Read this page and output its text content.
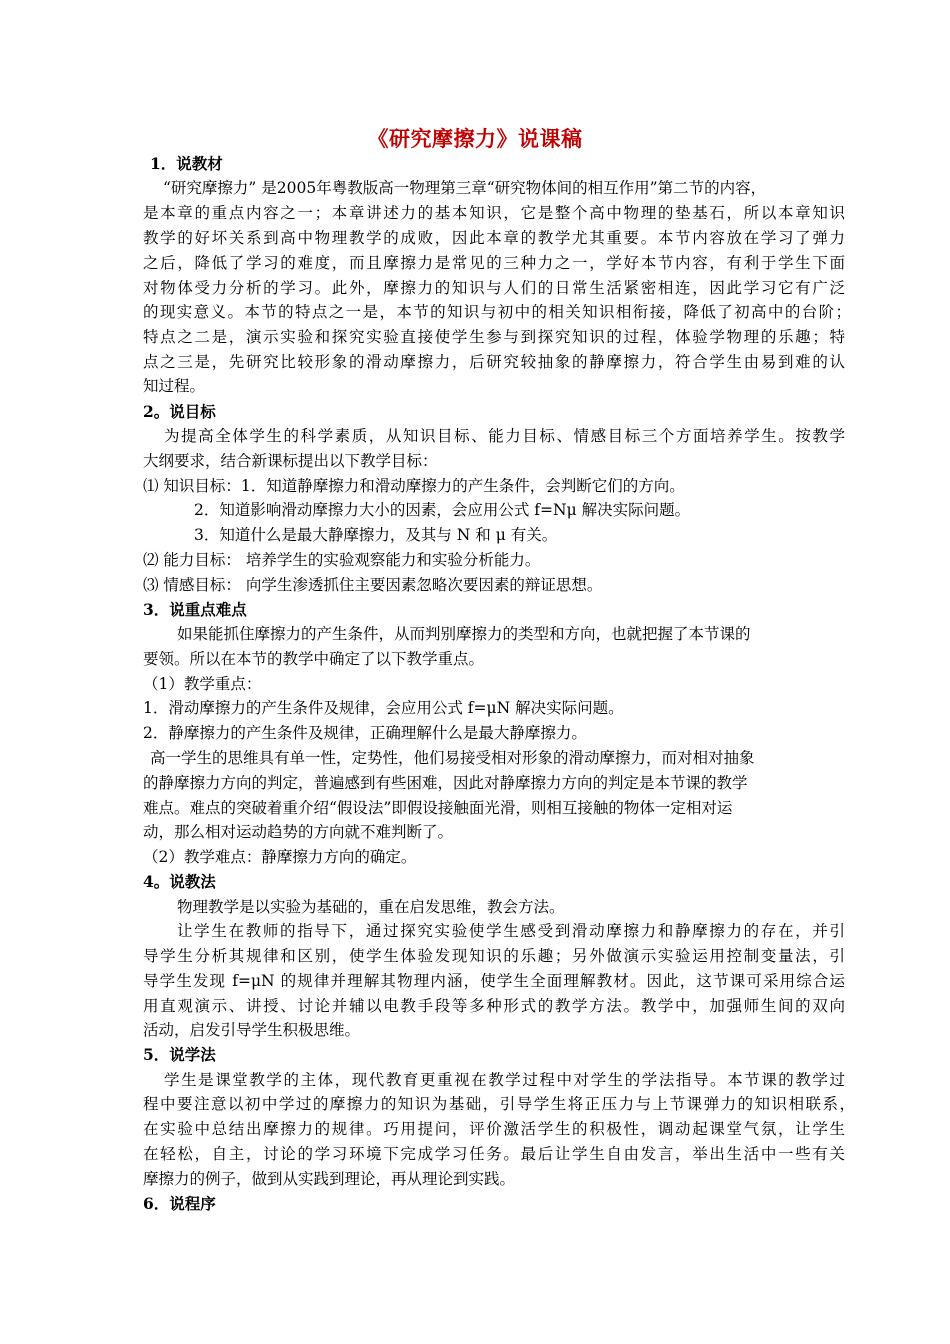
《研究摩擦力》说课稿
1．说教材
“研究摩擦力” 是2005年粤教版高一物理第三章“研究物体间的相互作用”第二节的内容，
是本章的重点内容之一；本章讲述力的基本知识，它是整个高中物理的垫基石，所以本章知识
教学的好坏关系到高中物理教学的成败，因此本章的教学尤其重要。本节内容放在学习了弹力
之后，降低了学习的难度，而且摩擦力是常见的三种力之一，学好本节内容，有利于学生下面
对物体受力分析的学习。此外，摩擦力的知识与人们的日常生活紧密相连，因此学习它有广泛
的现实意义。本节的特点之一是，本节的知识与初中的相关知识相衔接，降低了初高中的台阶；
特点之二是，演示实验和探究实验直接使学生参与到探究知识的过程，体验学物理的乐趣；特
点之三是，先研究比较形象的滑动摩擦力，后研究较抽象的静摩擦力，符合学生由易到难的认
知过程。
2。说目标
为提高全体学生的科学素质，从知识目标、能力目标、情感目标三个方面培养学生。按教学
大纲要求，结合新课标提出以下教学目标：
⑴ 知识目标：1．知道静摩擦力和滑动摩擦力的产生条件，会判断它们的方向。
2．知道影响滑动摩擦力大小的因素，会应用公式 f=Nμ 解决实际问题。
3．知道什么是最大静摩擦力，及其与 N 和 μ 有关。
⑵ 能力目标： 培养学生的实验观察能力和实验分析能力。
⑶ 情感目标： 向学生渗透抓住主要因素忽略次要因素的辩证思想。
3．说重点难点
如果能抓住摩擦力的产生条件，从而判别摩擦力的类型和方向，也就把握了本节课的
要领。所以在本节的教学中确定了以下教学重点。
（1）教学重点：
1．滑动摩擦力的产生条件及规律，会应用公式 f=μN 解决实际问题。
2．静摩擦力的产生条件及规律，正确理解什么是最大静摩擦力。
高一学生的思维具有单一性，定势性，他们易接受相对形象的滑动摩擦力，而对相对抽象
的静摩擦力方向的判定，普遍感到有些困难，因此对静摩擦力方向的判定是本节课的教学
难点。难点的突破着重介绍“假设法”即假设接触面光滑，则相互接触的物体一定相对运
动，那么相对运动趋势的方向就不难判断了。
（2）教学难点：静摩擦力方向的确定。
4。说教法
物理教学是以实验为基础的，重在启发思维，教会方法。
让学生在教师的指导下，通过探究实验使学生感受到滑动摩擦力和静摩擦力的存在，并引
导学生分析其规律和区别，使学生体验发现知识的乐趣；另外做演示实验运用控制变量法，引
导学生发现 f=μN 的规律并理解其物理内涵，使学生全面理解教材。因此，这节课可采用综合运
用直观演示、讲授、讨论并辅以电教手段等多种形式的教学方法。教学中，加强师生间的双向
活动，启发引导学生积极思维。
5．说学法
学生是课堂教学的主体，现代教育更重视在教学过程中对学生的学法指导。本节课的教学过
程中要注意以初中学过的摩擦力的知识为基础，引导学生将正压力与上节课弹力的知识相联系，
在实验中总结出摩擦力的规律。巧用提问，评价激活学生的积极性，调动起课堂气氛，让学生
在轻松，自主，讨论的学习环境下完成学习任务。最后让学生自由发言，举出生活中一些有关
摩擦力的例子，做到从实践到理论，再从理论到实践。
6．说程序
